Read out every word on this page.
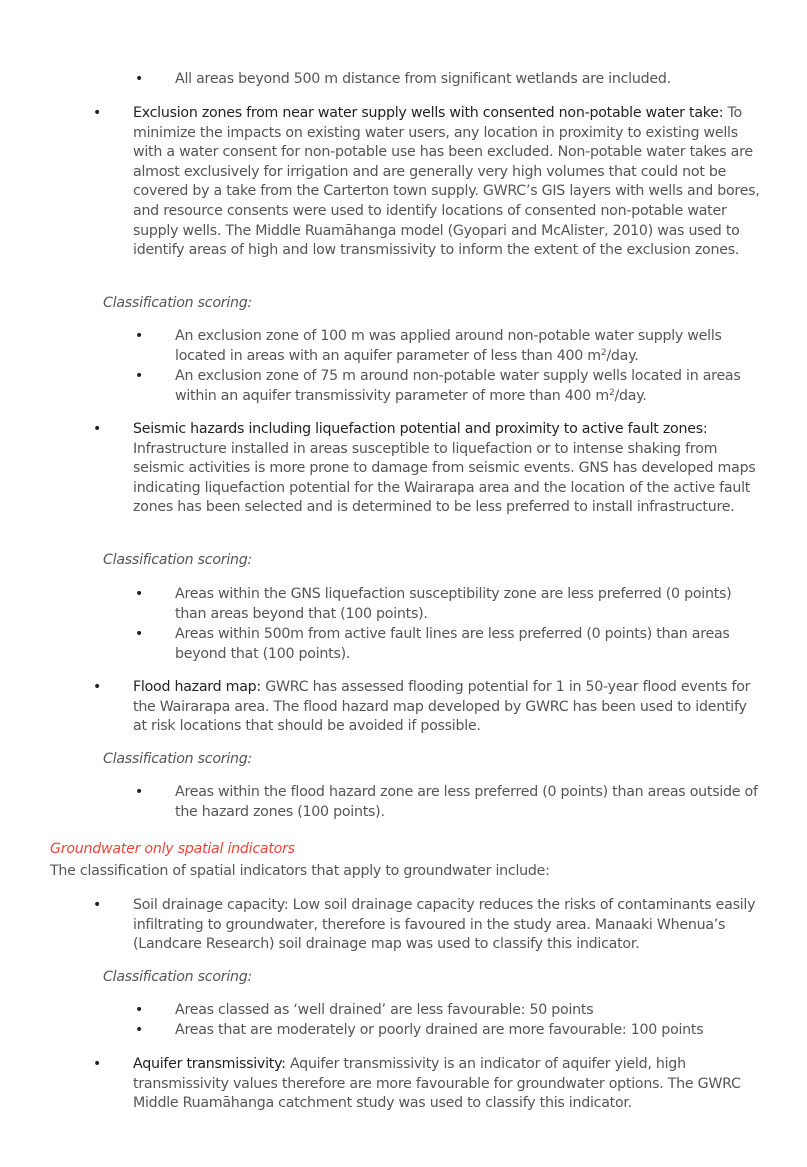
• All areas beyond 500 m distance from significant wetlands are included.
• Exclusion zones from near water supply wells with consented non-potable water take: To minimize the impacts on existing water users, any location in proximity to existing wells with a water consent for non-potable use has been excluded. Non-potable water takes are almost exclusively for irrigation and are generally very high volumes that could not be covered by a take from the Carterton town supply. GWRC’s GIS layers with wells and bores, and resource consents were used to identify locations of consented non-potable water supply wells. The Middle Ruamāhanga model (Gyopari and McAlister, 2010) was used to identify areas of high and low transmissivity to inform the extent of the exclusion zones.
Classification scoring:
• An exclusion zone of 100 m was applied around non-potable water supply wells located in areas with an aquifer parameter of less than 400 $m^2$/day.
• An exclusion zone of 75 m around non-potable water supply wells located in areas within an aquifer transmissivity parameter of more than 400 $m^2$/day.
• Seismic hazards including liquefaction potential and proximity to active fault zones:
Infrastructure installed in areas susceptible to liquefaction or to intense shaking from seismic activities is more prone to damage from seismic events. GNS has developed maps indicating liquefaction potential for the Wairarapa area and the location of the active fault zones has been selected and is determined to be less preferred to install infrastructure.
Classification scoring:
• Areas within the GNS liquefaction susceptibility zone are less preferred (0 points) than areas beyond that (100 points).
• Areas within 500m from active fault lines are less preferred (0 points) than areas beyond that (100 points).
• Flood hazard map: GWRC has assessed flooding potential for 1 in 50-year flood events for the Wairarapa area. The flood hazard map developed by GWRC has been used to identify at risk locations that should be avoided if possible.
Classification scoring:
• Areas within the flood hazard zone are less preferred (0 points) than areas outside of the hazard zones (100 points).
Groundwater only spatial indicators
The classification of spatial indicators that apply to groundwater include:
• Soil drainage capacity: Low soil drainage capacity reduces the risks of contaminants easily infiltrating to groundwater, therefore is favoured in the study area. Manaaki Whenua’s (Landcare Research) soil drainage map was used to classify this indicator.
Classification scoring:
• Areas classed as ‘well drained’ are less favourable: 50 points
• Areas that are moderately or poorly drained are more favourable: 100 points
• Aquifer transmissivity: Aquifer transmissivity is an indicator of aquifer yield, high transmissivity values therefore are more favourable for groundwater options. The GWRC Middle Ruamāhanga catchment study was used to classify this indicator.
